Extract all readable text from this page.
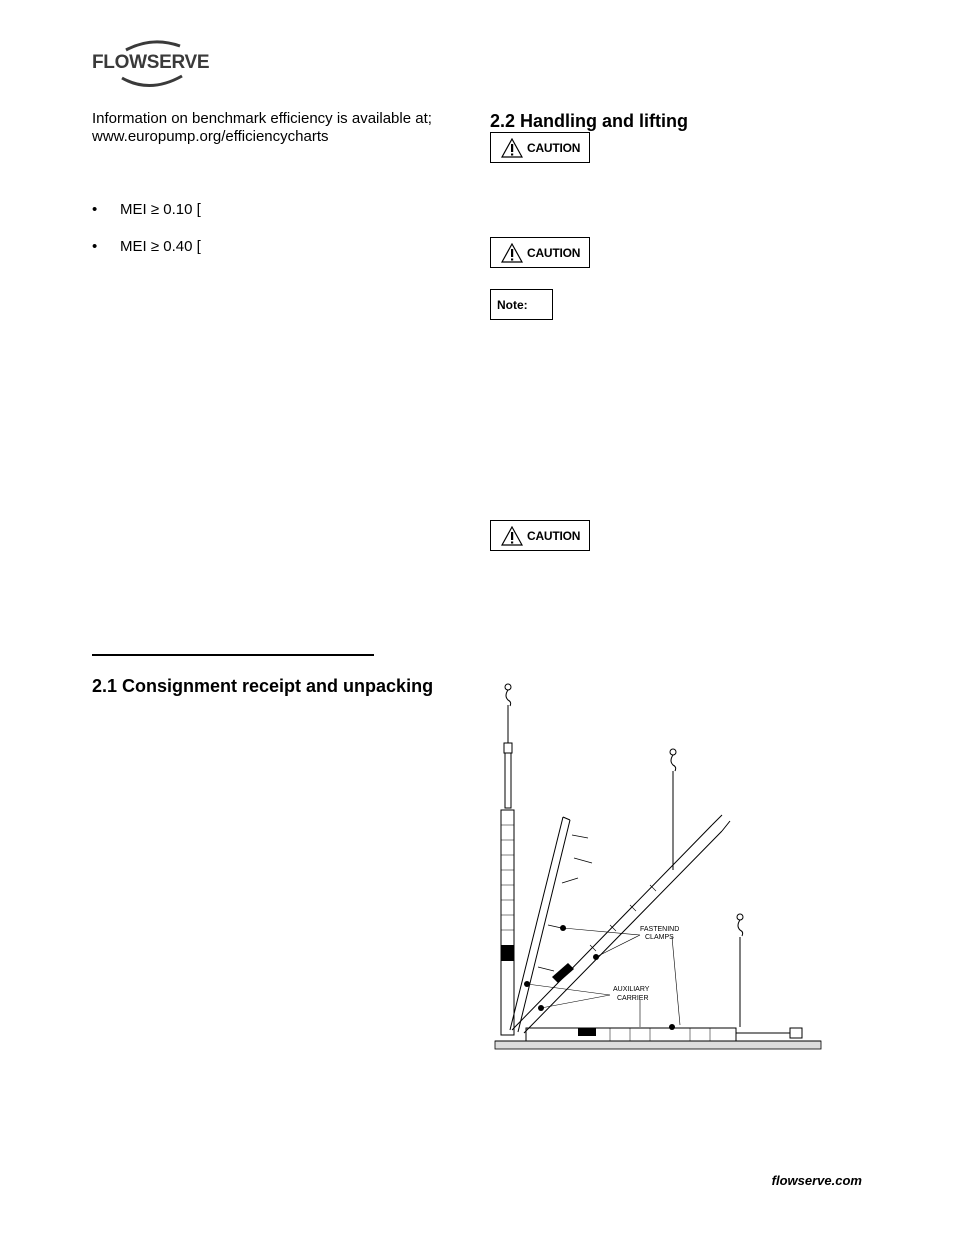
FLOWSERVE
Information on benchmark efficiency is available at;
www.europump.org/efficiencycharts
• MEI ≥ 0.10 [
• MEI ≥ 0.40 [
2.1 Consignment receipt and unpacking
2.2 Handling and lifting
CAUTION
CAUTION
Note:
CAUTION
FASTENIND
CLAMPS
AUXILIARY
CARRIER
flowserve.com
